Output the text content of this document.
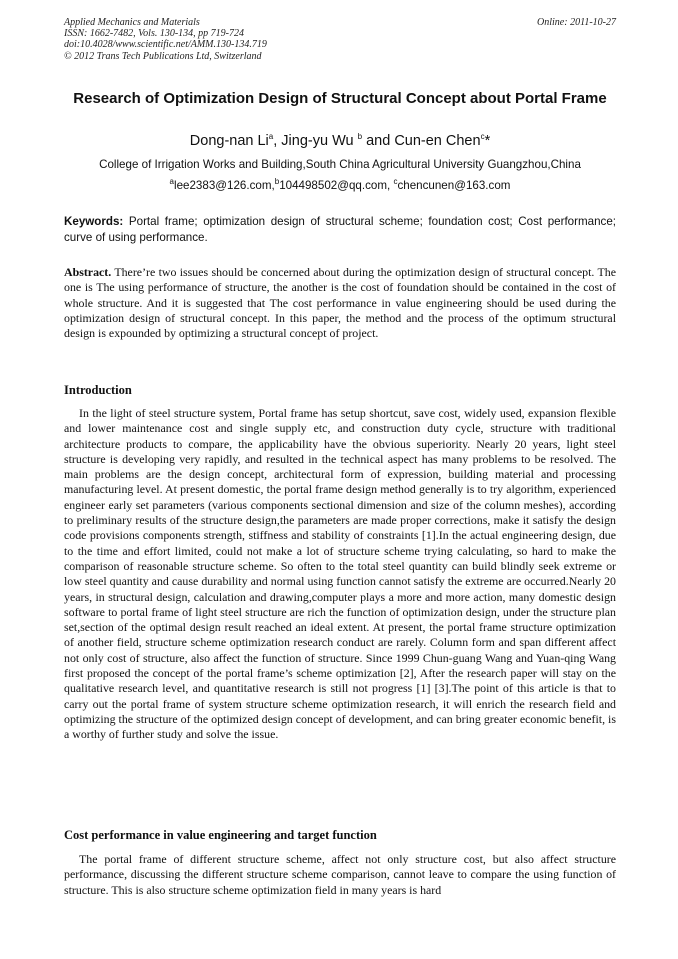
Applied Mechanics and Materials	Online: 2011-10-27
ISSN: 1662-7482, Vols. 130-134, pp 719-724
doi:10.4028/www.scientific.net/AMM.130-134.719
© 2012 Trans Tech Publications Ltd, Switzerland
Research of Optimization Design of Structural Concept about Portal Frame
Dong-nan Li$^a$, Jing-yu Wu $^b$ and Cun-en Chen$^c$*
College of Irrigation Works and Building,South China Agricultural University Guangzhou,China
$^a$lee2383@126.com,$^b$104498502@qq.com, $^c$chencunen@163.com
Keywords: Portal frame; optimization design of structural scheme; foundation cost; Cost performance; curve of using performance.
Abstract. There’re two issues should be concerned about during the optimization design of structural concept. The one is The using performance of structure, the another is the cost of foundation should be contained in the cost of whole structure. And it is suggested that The cost performance in value engineering should be used during the optimization design of structural concept. In this paper, the method and the process of the optimum structural design is expounded by optimizing a structural concept of project.
Introduction
In the light of steel structure system, Portal frame has setup shortcut, save cost, widely used, expansion flexible and lower maintenance cost and single supply etc, and construction duty cycle, structure with traditional architecture products to compare, the applicability have the obvious superiority. Nearly 20 years, light steel structure is developing very rapidly, and resulted in the technical aspect has many problems to be resolved. The main problems are the design concept, architectural form of expression, building material and processing manufacturing level. At present domestic, the portal frame design method generally is to try algorithm, experienced engineer early set parameters (various components sectional dimension and size of the column meshes), according to preliminary results of the structure design,the parameters are made proper corrections, make it satisfy the design code provisions components strength, stiffness and stability of constraints [1].In the actual engineering design, due to the time and effort limited, could not make a lot of structure scheme trying calculating, so hard to make the comparison of reasonable structure scheme. So often to the total steel quantity can build blindly seek extreme or low steel quantity and cause durability and normal using function cannot satisfy the extreme are occurred.Nearly 20 years, in structural design, calculation and drawing,computer plays a more and more action, many domestic design software to portal frame of light steel structure are rich the function of optimization design, under the structure plan set,section of the optimal design result reached an ideal extent. At present, the portal frame structure optimization of another field, structure scheme optimization research conduct are rarely. Column form and span different affect not only cost of structure, also affect the function of structure. Since 1999 Chun-guang Wang and Yuan-qing Wang first proposed the concept of the portal frame’s scheme optimization [2], After the research paper will stay on the qualitative research level, and quantitative research is still not progress [1] [3].The point of this article is that to carry out the portal frame of system structure scheme optimization research, it will enrich the research field and optimizing the structure of the optimized design concept of development, and can bring greater economic benefit, is a worthy of further study and solve the issue.
Cost performance in value engineering and target function
The portal frame of different structure scheme, affect not only structure cost, but also affect structure performance, discussing the different structure scheme comparison, cannot leave to compare the using function of structure. This is also structure scheme optimization field in many years is hard
